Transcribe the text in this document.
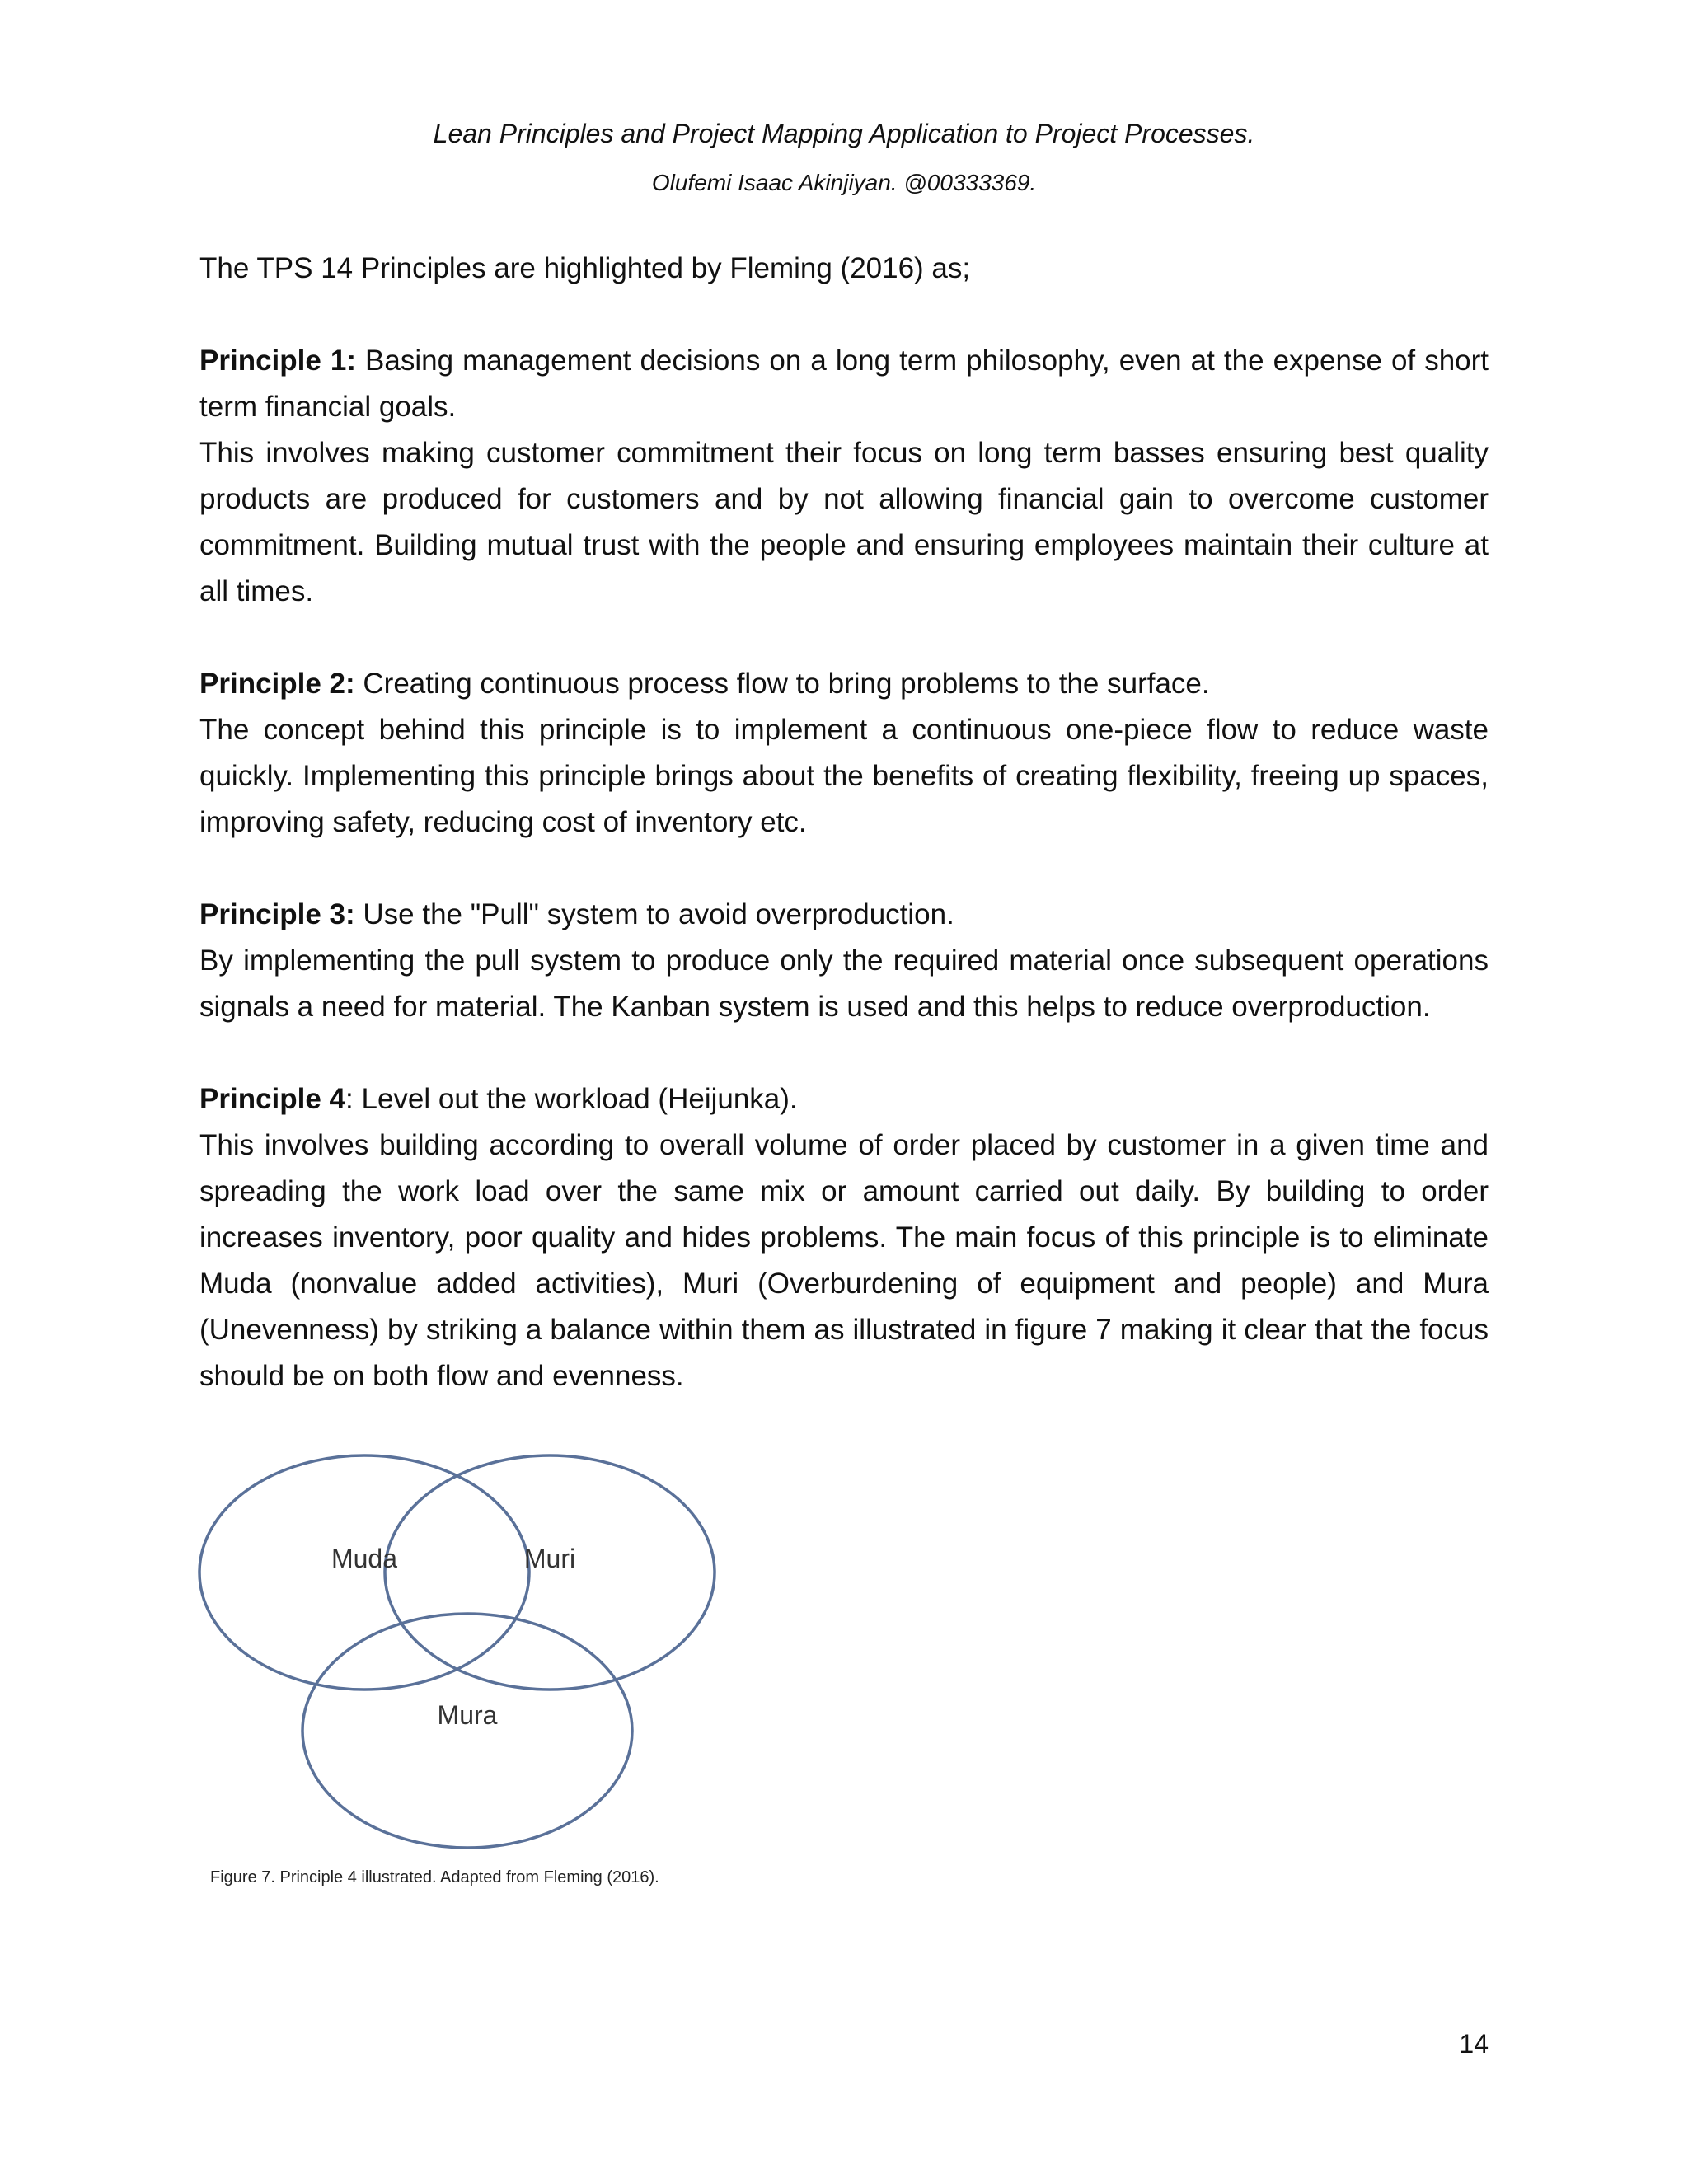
Lean Principles and Project Mapping Application to Project Processes.
Olufemi Isaac Akinjiyan. @00333369.

The TPS 14 Principles are highlighted by Fleming (2016) as;

Principle 1: Basing management decisions on a long term philosophy, even at the expense of short term financial goals.

This involves making customer commitment their focus on long term basses ensuring best quality products are produced for customers and by not allowing financial gain to overcome customer commitment. Building mutual trust with the people and ensuring employees maintain their culture at all times.

Principle 2: Creating continuous process flow to bring problems to the surface.

The concept behind this principle is to implement a continuous one-piece flow to reduce waste quickly. Implementing this principle brings about the benefits of creating flexibility, freeing up spaces, improving safety, reducing cost of inventory etc.

Principle 3: Use the "Pull" system to avoid overproduction.

By implementing the pull system to produce only the required material once subsequent operations signals a need for material. The Kanban system is used and this helps to reduce overproduction.

Principle 4: Level out the workload (Heijunka).

This involves building according to overall volume of order placed by customer in a given time and spreading the work load over the same mix or amount carried out daily. By building to order increases inventory, poor quality and hides problems. The main focus of this principle is to eliminate Muda (nonvalue added activities), Muri (Overburdening of equipment and people) and Mura (Unevenness) by striking a balance within them as illustrated in figure 7 making it clear that the focus should be on both flow and evenness.

Muda	Muri
Mura
Figure 7. Principle 4 illustrated. Adapted from Fleming (2016).
14
